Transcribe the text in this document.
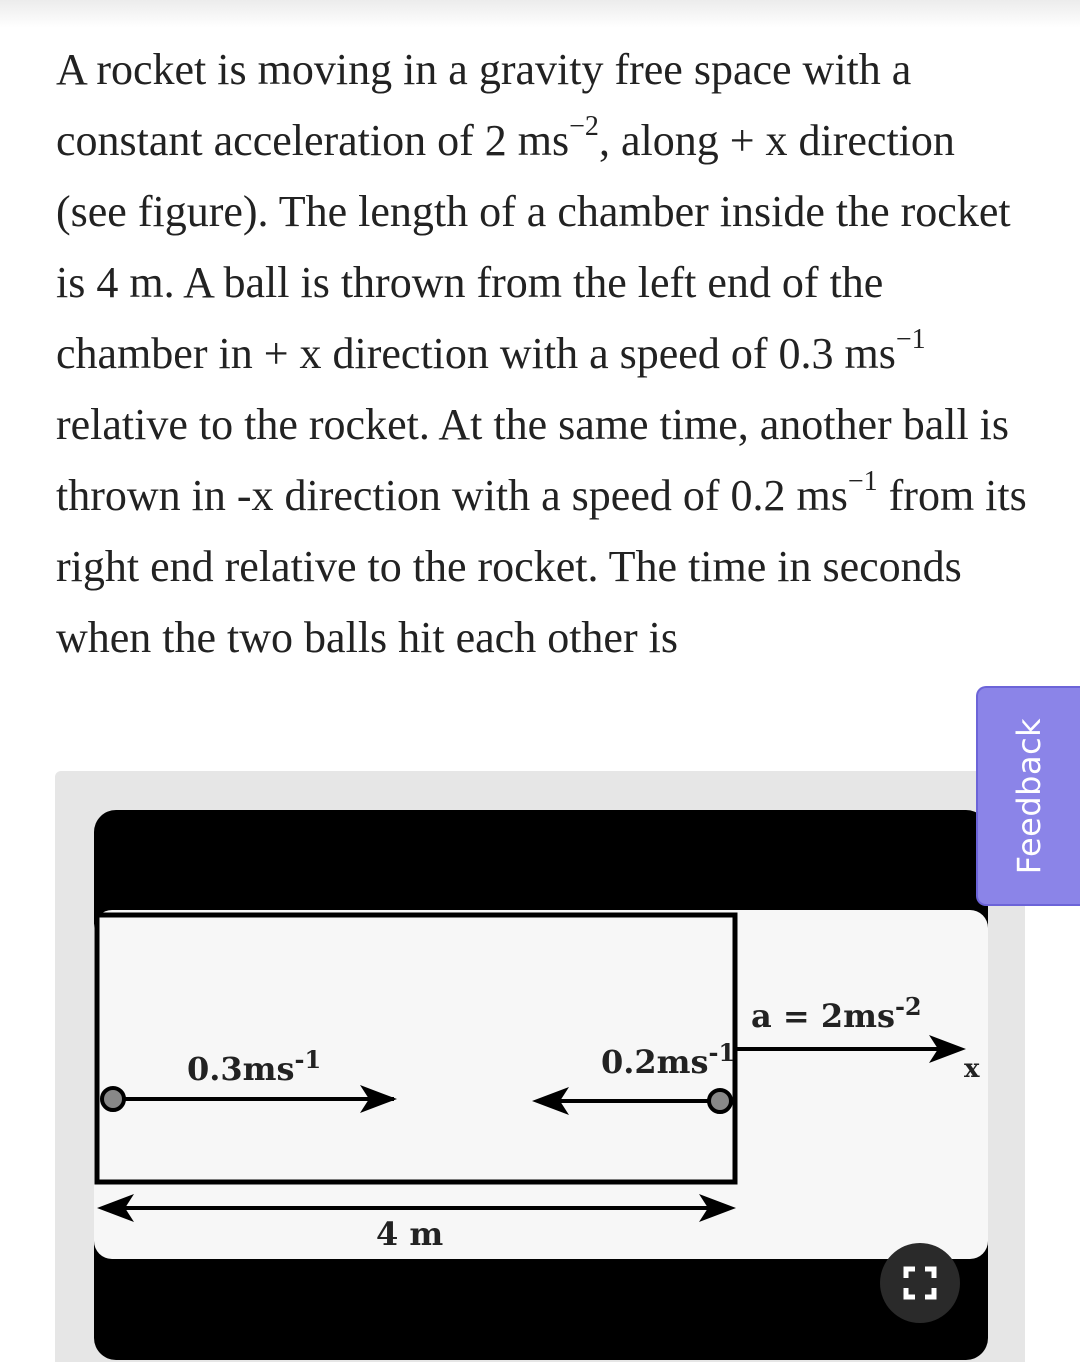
A rocket is moving in a gravity free space with a constant acceleration of 2 $ms^{-2}$, along + x direction (see figure). The length of a chamber inside the rocket is 4 m. A ball is thrown from the left end of the chamber in + x direction with a speed of 0.3 $ms^{-1}$ relative to the rocket. At the same time, another ball is thrown in -x direction with a speed of 0.2 $ms^{-1}$ from its right end relative to the rocket. The time in seconds when the two balls hit each other is

$0.3ms^{-1}$	$0.2ms^{-1}$
$a = 2ms^{-2}$
x
4 m
Feedback
